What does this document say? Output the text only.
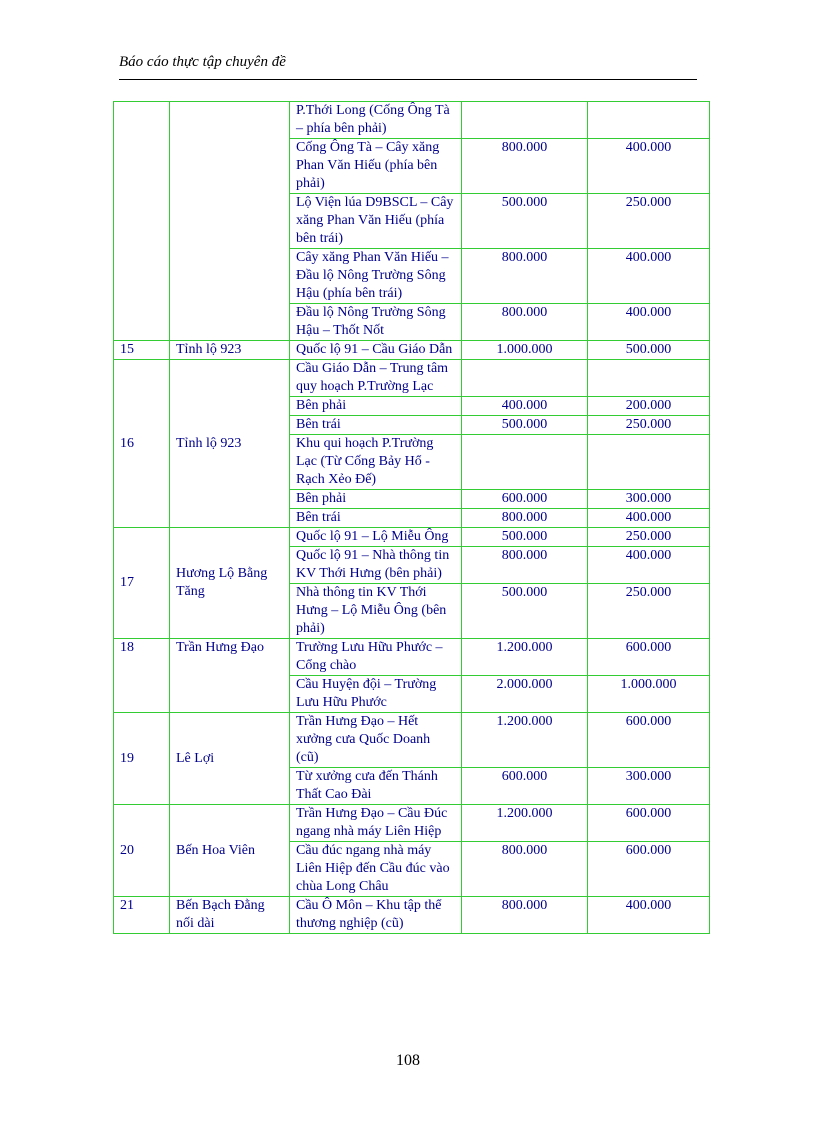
Báo cáo thực tập chuyên đề
		P.Thới Long (Cống Ông Tà – phía bên phải)		
		Cống Ông Tà – Cây xăng Phan Văn Hiếu (phía bên phải)	800.000	400.000
		Lộ Viện lúa D9BSCL – Cây xăng Phan Văn Hiếu (phía bên trái)	500.000	250.000
		Cây xăng Phan Văn Hiếu – Đầu lộ Nông Trường Sông Hậu (phía bên trái)	800.000	400.000
		Đầu lộ Nông Trường Sông Hậu – Thốt Nốt	800.000	400.000
15	Tỉnh lộ 923	Quốc lộ 91 – Cầu Giáo Dẫn	1.000.000	500.000
16	Tỉnh lộ 923	Cầu Giáo Dẫn – Trung tâm quy hoạch P.Trường Lạc		
		Bên phải	400.000	200.000
		Bên trái	500.000	250.000
		Khu qui hoạch P.Trường Lạc (Từ Cống Bảy Hổ - Rạch Xẻo Đế)		
		Bên phải	600.000	300.000
		Bên trái	800.000	400.000
17	Hương Lộ Bằng Tăng	Quốc lộ 91 – Lộ Miễu Ông	500.000	250.000
		Quốc lộ 91 – Nhà thông tin KV Thới Hưng (bên phải)	800.000	400.000
		Nhà thông tin KV Thới Hưng – Lộ Miễu Ông (bên phải)	500.000	250.000
18	Trần Hưng Đạo	Trường Lưu Hữu Phước – Cổng chào	1.200.000	600.000
		Cầu Huyện đội – Trường Lưu Hữu Phước	2.000.000	1.000.000
19	Lê Lợi	Trần Hưng Đạo – Hết xưởng cưa Quốc Doanh (cũ)	1.200.000	600.000
		Từ xưởng cưa đến Thánh Thất Cao Đài	600.000	300.000
20	Bến Hoa Viên	Trần Hưng Đạo – Cầu Đúc ngang nhà máy Liên Hiệp	1.200.000	600.000
		Cầu đúc ngang nhà máy Liên Hiệp đến Cầu đúc vào chùa Long Châu	800.000	600.000
21	Bến Bạch Đằng nối dài	Cầu Ô Môn – Khu tập thể thương nghiệp (cũ)	800.000	400.000
108
